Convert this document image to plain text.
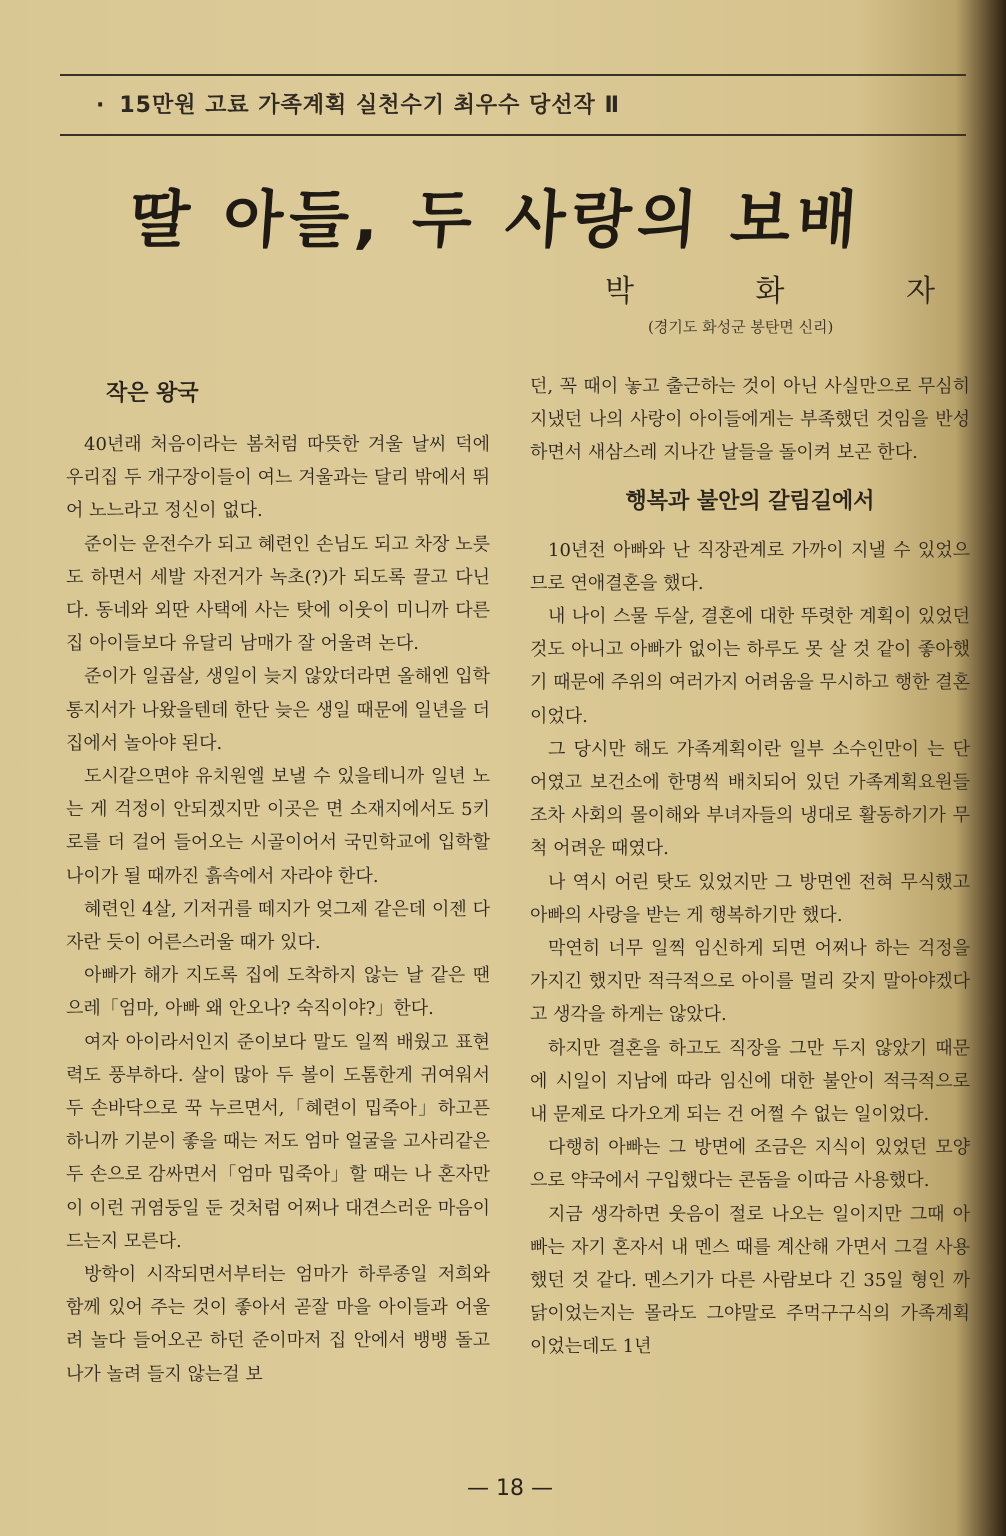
· 15만원 고료 가족계획 실천수기 최우수 당선작 Ⅱ
딸 아들, 두 사랑의 보배
박	화	자
(경기도 화성군 봉탄면 신리)
작은 왕국

40년래 처음이라는 봄처럼 따뜻한 겨울 날씨 덕에 우리집 두 개구장이들이 여느 겨울과는 달리 밖에서 뛰어 노느라고 정신이 없다.

준이는 운전수가 되고 혜련인 손님도 되고 차장 노릇도 하면서 세발 자전거가 녹초(?)가 되도록 끌고 다닌다. 동네와 외딴 사택에 사는 탓에 이웃이 미니까 다른 집 아이들보다 유달리 남매가 잘 어울려 논다.

준이가 일곱살, 생일이 늦지 않았더라면 올해엔 입학 통지서가 나왔을텐데 한단 늦은 생일 때문에 일년을 더 집에서 놀아야 된다.

도시같으면야 유치원엘 보낼 수 있을테니까 일년 노는 게 걱정이 안되겠지만 이곳은 면 소재지에서도 5키로를 더 걸어 들어오는 시골이어서 국민학교에 입학할 나이가 될 때까진 흙속에서 자라야 한다.

혜련인 4살, 기저귀를 떼지가 엊그제 같은데 이젠 다 자란 듯이 어른스러울 때가 있다.

아빠가 해가 지도록 집에 도착하지 않는 날 같은 땐 으레「엄마, 아빠 왜 안오나? 숙직이야?」한다.

여자 아이라서인지 준이보다 말도 일찍 배웠고 표현력도 풍부하다. 살이 많아 두 볼이 도톰한게 귀여워서 두 손바닥으로 꾹 누르면서,「혜련이 밉죽아」하고픈 하니까 기분이 좋을 때는 저도 엄마 얼굴을 고사리같은 두 손으로 감싸면서「엄마 밉죽아」할 때는 나 혼자만이 이런 귀염둥일 둔 것처럼 어쩌나 대견스러운 마음이 드는지 모른다.

방학이 시작되면서부터는 엄마가 하루종일 저희와 함께 있어 주는 것이 좋아서 곧잘 마을 아이들과 어울려 놀다 들어오곤 하던 준이마저 집 안에서 뱅뱅 돌고 나가 놀려 들지 않는걸 보

던, 꼭 때이 놓고 출근하는 것이 아닌 사실만으로 무심히 지냈던 나의 사랑이 아이들에게는 부족했던 것임을 반성하면서 새삼스레 지나간 날들을 돌이켜 보곤 한다.

행복과 불안의 갈림길에서

10년전 아빠와 난 직장관계로 가까이 지낼 수 있었으므로 연애결혼을 했다.

내 나이 스물 두살, 결혼에 대한 뚜렷한 계획이 있었던 것도 아니고 아빠가 없이는 하루도 못 살 것 같이 좋아했기 때문에 주위의 여러가지 어려움을 무시하고 행한 결혼이었다.

그 당시만 해도 가족계획이란 일부 소수인만이 는 단어였고 보건소에 한명씩 배치되어 있던 가족계획요원들조차 사회의 몰이해와 부녀자들의 냉대로 활동하기가 무척 어려운 때였다.

나 역시 어린 탓도 있었지만 그 방면엔 전혀 무식했고 아빠의 사랑을 받는 게 행복하기만 했다.

막연히 너무 일찍 임신하게 되면 어쩌나 하는 걱정을 가지긴 했지만 적극적으로 아이를 멀리 갖지 말아야겠다고 생각을 하게는 않았다.

하지만 결혼을 하고도 직장을 그만 두지 않았기 때문에 시일이 지남에 따라 임신에 대한 불안이 적극적으로 내 문제로 다가오게 되는 건 어쩔 수 없는 일이었다.

다행히 아빠는 그 방면에 조금은 지식이 있었던 모양으로 약국에서 구입했다는 콘돔을 이따금 사용했다.

지금 생각하면 웃음이 절로 나오는 일이지만 그때 아빠는 자기 혼자서 내 멘스 때를 계산해 가면서 그걸 사용했던 것 같다. 멘스기가 다른 사람보다 긴 35일 형인 까닭이었는지는 몰라도 그야말로 주먹구구식의 가족계획이었는데도 1년

— 18 —
